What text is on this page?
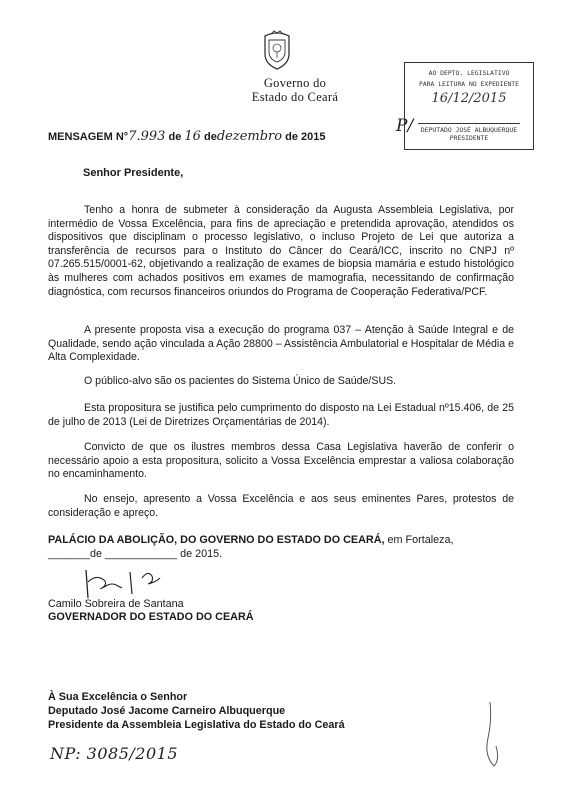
Governo do
Estado do Ceará
AO DEPTO. LEGISLATIVO
PARA LEITURA NO EXPEDIENTE
16/12/2015
DEPUTADO JOSÉ ALBUQUERQUE
PRESIDENTE
P/
MENSAGEM N°7.993 de 16 dedezembro de 2015
Senhor Presidente,
Tenho a honra de submeter à consideração da Augusta Assembleia Legislativa, por intermédio de Vossa Excelência, para fins de apreciação e pretendida aprovação, atendidos os dispositivos que disciplinam o processo legislativo, o incluso Projeto de Lei que autoriza a transferência de recursos para o Instituto do Câncer do Ceará/ICC, inscrito no CNPJ nº 07.265.515/0001-62, objetivando a realização de exames de biopsia mamária e estudo histológico às mulheres com achados positivos em exames de mamografia, necessitando de confirmação diagnóstica, com recursos financeiros oriundos do Programa de Cooperação Federativa/PCF.
A presente proposta visa a execução do programa 037 – Atenção à Saúde Integral e de Qualidade, sendo ação vinculada a Ação 28800 – Assistência Ambulatorial e Hospitalar de Média e Alta Complexidade.
O público-alvo são os pacientes do Sistema Único de Saúde/SUS.
Esta propositura se justifica pelo cumprimento do disposto na Lei Estadual nº15.406, de 25 de julho de 2013 (Lei de Diretrizes Orçamentárias de 2014).
Convicto de que os ilustres membros dessa Casa Legislativa haverão de conferir o necessário apoio a esta propositura, solicito a Vossa Excelência emprestar a valiosa colaboração no encaminhamento.
No ensejo, apresento a Vossa Excelência e aos seus eminentes Pares, protestos de consideração e apreço.
PALÁCIO DA ABOLIÇÃO, DO GOVERNO DO ESTADO DO CEARÁ, em Fortaleza,
_______de ____________ de 2015.
Camilo Sobreira de Santana
GOVERNADOR DO ESTADO DO CEARÁ
À Sua Excelência o Senhor
Deputado José Jacome Carneiro Albuquerque
Presidente da Assembleia Legislativa do Estado do Ceará
NP: 3085/2015
